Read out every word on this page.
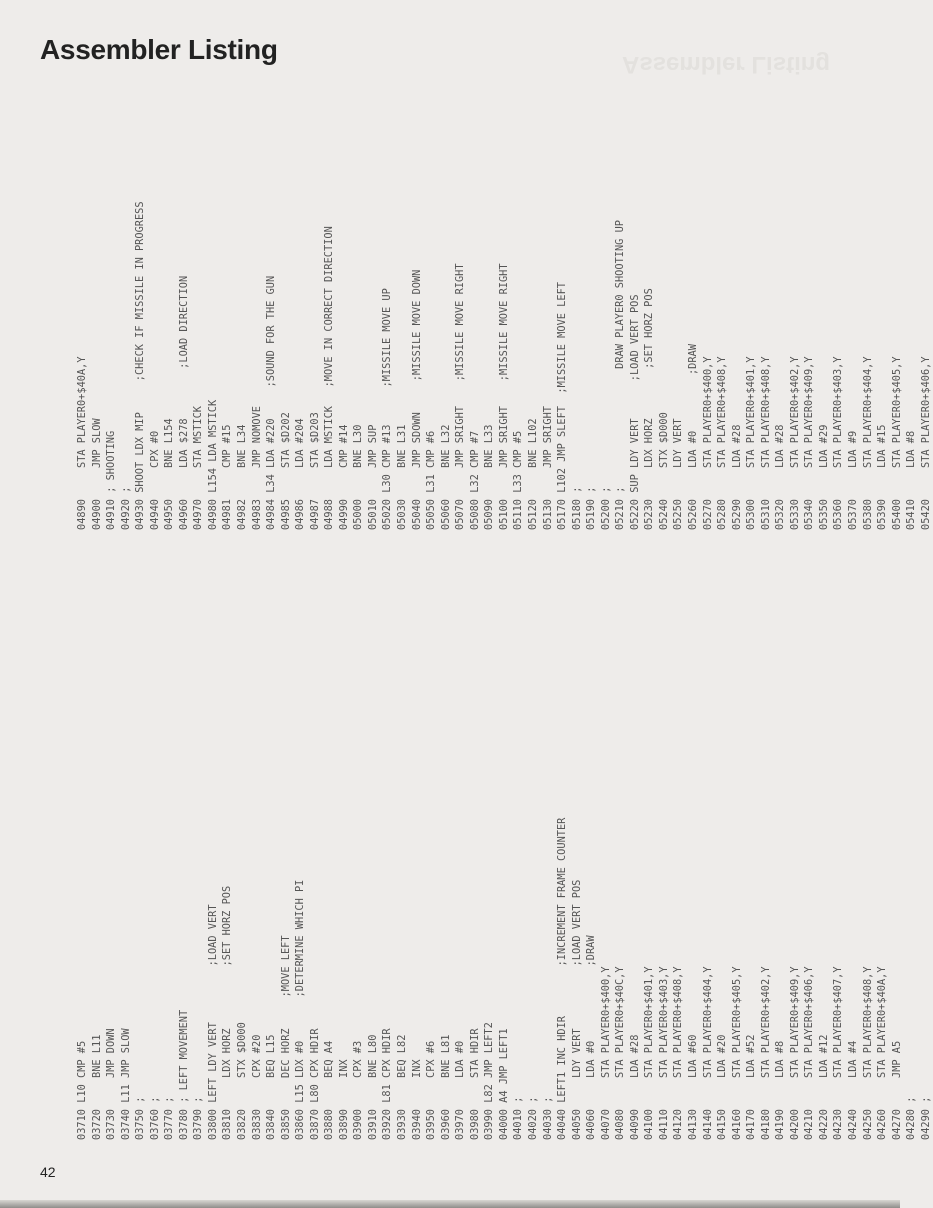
Assembler Listing
Assembler Listing
03710 L10 CMP #5 03720     BNE L11 03730     JMP DOWN 03740 L11 JMP SLOW 03750 ; 03760 ; 03770 ; 03780 ; LEFT MOVEMENT 03790 ; 03800 LEFT LDY VERT         ;LOAD VERT 03810     LDX HORZ          ;SET HORZ POS 03820     STX $D000 03830     CPX #20 03840     BEQ L15 03850     DEC HORZ     ;MOVE LEFT 03860 L15 LDX #0       ;DETERMINE WHICH PI 03870 L80 CPX HDIR 03880     BEQ A4 03890     INX 03900     CPX #3 03910     BNE L80 03920 L81 CPX HDIR 03930     BEQ L82 03940     INX 03950     CPX #6 03960     BNE L81 03970     LDA #0 03980     STA HDIR 03990 L82 JMP LEFT2 04000 A4 JMP LEFT1 04010 ; 04020 ; 04030 ; 04040 LEFT1 INC HDIR        ;INCREMENT FRAME COUNTER 04050     LDY VERT          ;LOAD VERT POS 04060     LDA #0            ;DRAW 04070     STA PLAYER0+$400,Y 04080     STA PLAYER0+$40C,Y 04090     LDA #28 04100     STA PLAYER0+$401,Y 04110     STA PLAYER0+$403,Y 04120     STA PLAYER0+$408,Y 04130     LDA #60 04140     STA PLAYER0+$404,Y 04150     LDA #20 04160     STA PLAYER0+$405,Y 04170     LDA #52 04180     STA PLAYER0+$402,Y 04190     LDA #8 04200     STA PLAYER0+$409,Y 04210     STA PLAYER0+$406,Y 04220     LDA #12 04230     STA PLAYER0+$407,Y 04240     LDA #4 04250     STA PLAYER0+$408,Y 04260     STA PLAYER0+$40A,Y 04270     JMP A5 04280 ; 04290 ;
04890     STA PLAYER0+$40A,Y 04900     JMP SLOW 04910 ; SHOOTING 04920 ; 04930 SHOOT LDX MIP     ;CHECK IF MISSILE IN PROGRESS 04940     CPX #0 04950     BNE L154 04960     LDA $278        ;LOAD DIRECTION 04970     STA MSTICK 04980 L154 LDA MSTICK 04981     CMP #15 04982     BNE L34 04983     JMP NOMOVE 04984 L34 LDA #220     ;SOUND FOR THE GUN 04985     STA $D202 04986     LDA #204 04987     STA $D203 04988     LDA MSTICK   ;MOVE IN CORRECT DIRECTION 04990     CMP #14 05000     BNE L30 05010     JMP SUP 05020 L30 CMP #13      ;MISSILE MOVE UP 05030     BNE L31 05040     JMP SDOWN     ;MISSILE MOVE DOWN 05050 L31 CMP #6 05060     BNE L32 05070     JMP SRIGHT    ;MISSILE MOVE RIGHT 05080 L32 CMP #7 05090     BNE L33 05100     JMP SRIGHT    ;MISSILE MOVE RIGHT 05110 L33 CMP #5 05120     BNE L102 05130     JMP SRIGHT 05170 L102 JMP SLEFT  ;MISSILE MOVE LEFT 05180 ; 05190 ; 05200 ; 05210 ;                   DRAW PLAYER0 SHOOTING UP 05220 SUP LDY VERT      ;LOAD VERT POS 05230     LDX HORZ        ;SET HORZ POS 05240     STX $D000 05250     LDY VERT 05260     LDA #0         ;DRAW 05270     STA PLAYER0+$400,Y 05280     STA PLAYER0+$408,Y 05290     LDA #28 05300     STA PLAYER0+$401,Y 05310     STA PLAYER0+$408,Y 05320     LDA #28 05330     STA PLAYER0+$402,Y 05340     STA PLAYER0+$409,Y 05350     LDA #29 05360     STA PLAYER0+$403,Y 05370     LDA #9 05380     STA PLAYER0+$404,Y 05390     LDA #15 05400     STA PLAYER0+$405,Y 05410     LDA #8 05420     STA PLAYER0+$406,Y
42
